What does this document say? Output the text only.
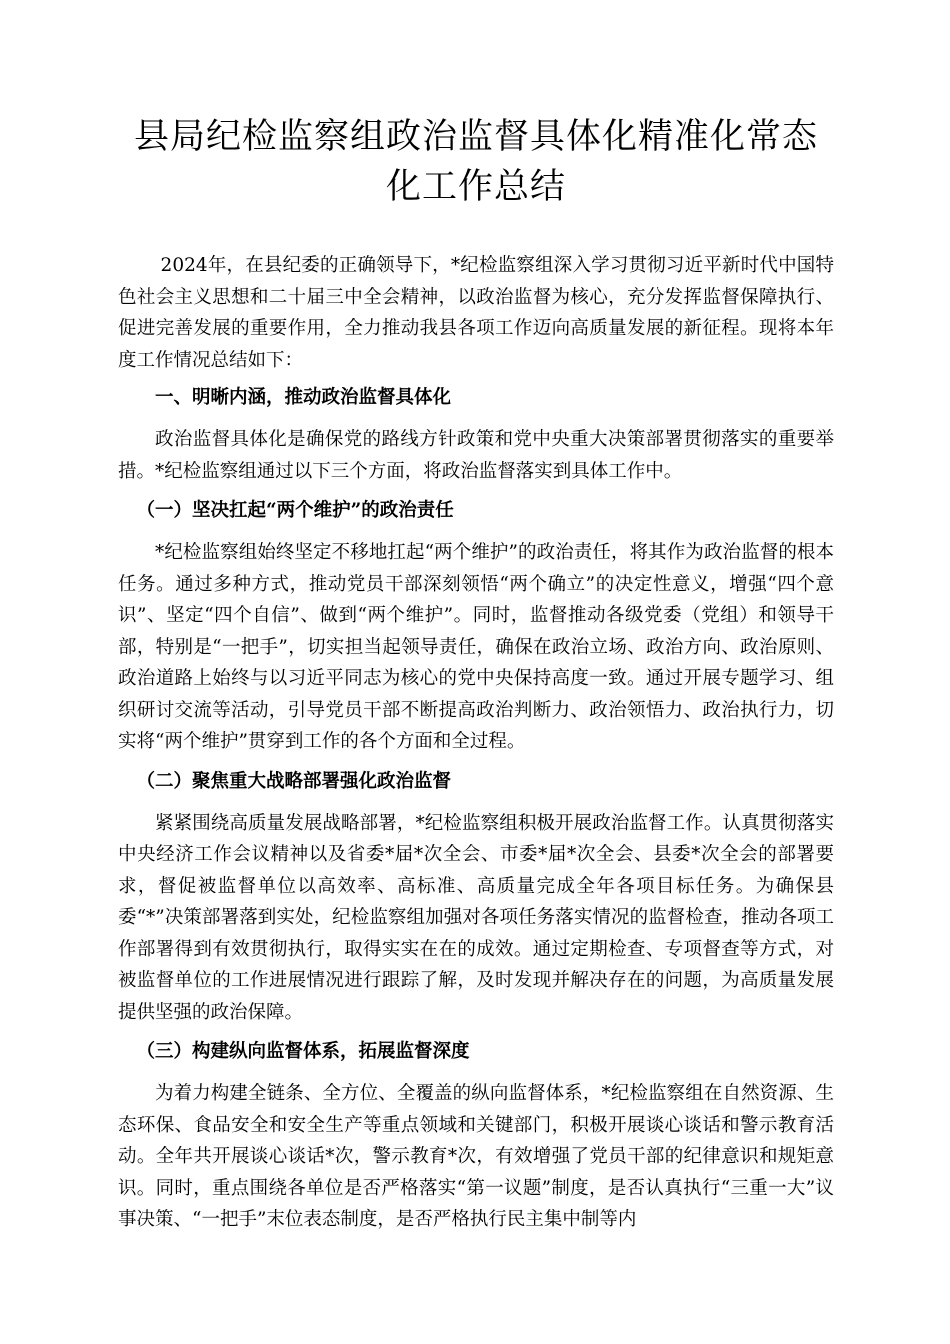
县局纪检监察组政治监督具体化精准化常态化工作总结

2024年，在县纪委的正确领导下，*纪检监察组深入学习贯彻习近平新时代中国特色社会主义思想和二十届三中全会精神，以政治监督为核心，充分发挥监督保障执行、促进完善发展的重要作用，全力推动我县各项工作迈向高质量发展的新征程。现将本年度工作情况总结如下：

一、明晰内涵，推动政治监督具体化

政治监督具体化是确保党的路线方针政策和党中央重大决策部署贯彻落实的重要举措。*纪检监察组通过以下三个方面，将政治监督落实到具体工作中。

（一）坚决扛起“两个维护”的政治责任

*纪检监察组始终坚定不移地扛起“两个维护”的政治责任，将其作为政治监督的根本任务。通过多种方式，推动党员干部深刻领悟“两个确立”的决定性意义，增强“四个意识”、坚定“四个自信”、做到“两个维护”。同时，监督推动各级党委（党组）和领导干部，特别是“一把手”，切实担当起领导责任，确保在政治立场、政治方向、政治原则、政治道路上始终与以习近平同志为核心的党中央保持高度一致。通过开展专题学习、组织研讨交流等活动，引导党员干部不断提高政治判断力、政治领悟力、政治执行力，切实将“两个维护”贯穿到工作的各个方面和全过程。

（二）聚焦重大战略部署强化政治监督

紧紧围绕高质量发展战略部署，*纪检监察组积极开展政治监督工作。认真贯彻落实中央经济工作会议精神以及省委*届*次全会、市委*届*次全会、县委*次全会的部署要求，督促被监督单位以高效率、高标准、高质量完成全年各项目标任务。为确保县委“*”决策部署落到实处，纪检监察组加强对各项任务落实情况的监督检查，推动各项工作部署得到有效贯彻执行，取得实实在在的成效。通过定期检查、专项督查等方式，对被监督单位的工作进展情况进行跟踪了解，及时发现并解决存在的问题，为高质量发展提供坚强的政治保障。

（三）构建纵向监督体系，拓展监督深度

为着力构建全链条、全方位、全覆盖的纵向监督体系，*纪检监察组在自然资源、生态环保、食品安全和安全生产等重点领域和关键部门，积极开展谈心谈话和警示教育活动。全年共开展谈心谈话*次，警示教育*次，有效增强了党员干部的纪律意识和规矩意识。同时，重点围绕各单位是否严格落实“第一议题”制度，是否认真执行“三重一大”议事决策、“一把手”末位表态制度，是否严格执行民主集中制等内
